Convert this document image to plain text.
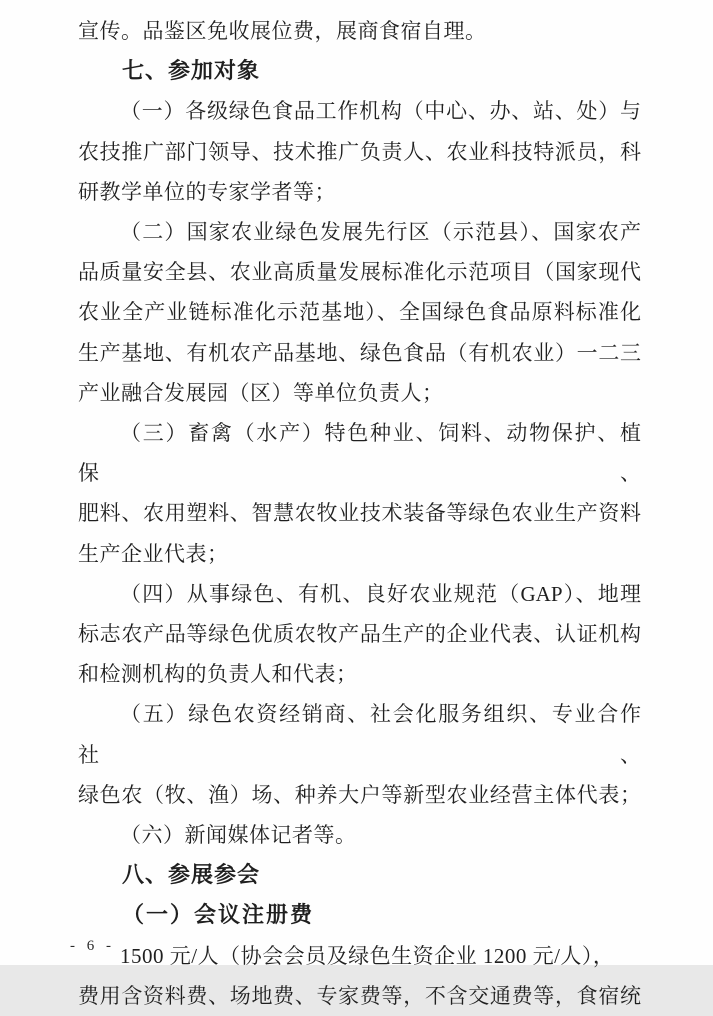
宣传。品鉴区免收展位费，展商食宿自理。
七、参加对象
（一）各级绿色食品工作机构（中心、办、站、处）与
农技推广部门领导、技术推广负责人、农业科技特派员，科
研教学单位的专家学者等；
（二）国家农业绿色发展先行区（示范县）、国家农产
品质量安全县、农业高质量发展标准化示范项目（国家现代
农业全产业链标准化示范基地）、全国绿色食品原料标准化
生产基地、有机农产品基地、绿色食品（有机农业）一二三
产业融合发展园（区）等单位负责人；
（三）畜禽（水产）特色种业、饲料、动物保护、植保、
肥料、农用塑料、智慧农牧业技术装备等绿色农业生产资料
生产企业代表；
（四）从事绿色、有机、良好农业规范（GAP）、地理
标志农产品等绿色优质农牧产品生产的企业代表、认证机构
和检测机构的负责人和代表；
（五）绿色农资经销商、社会化服务组织、专业合作社、
绿色农（牧、渔）场、种养大户等新型农业经营主体代表；
（六）新闻媒体记者等。
八、参展参会
（一）会议注册费
1500 元/人（协会会员及绿色生资企业 1200 元/人），
费用含资料费、场地费、专家费等，不含交通费等，食宿统
- 6 -
